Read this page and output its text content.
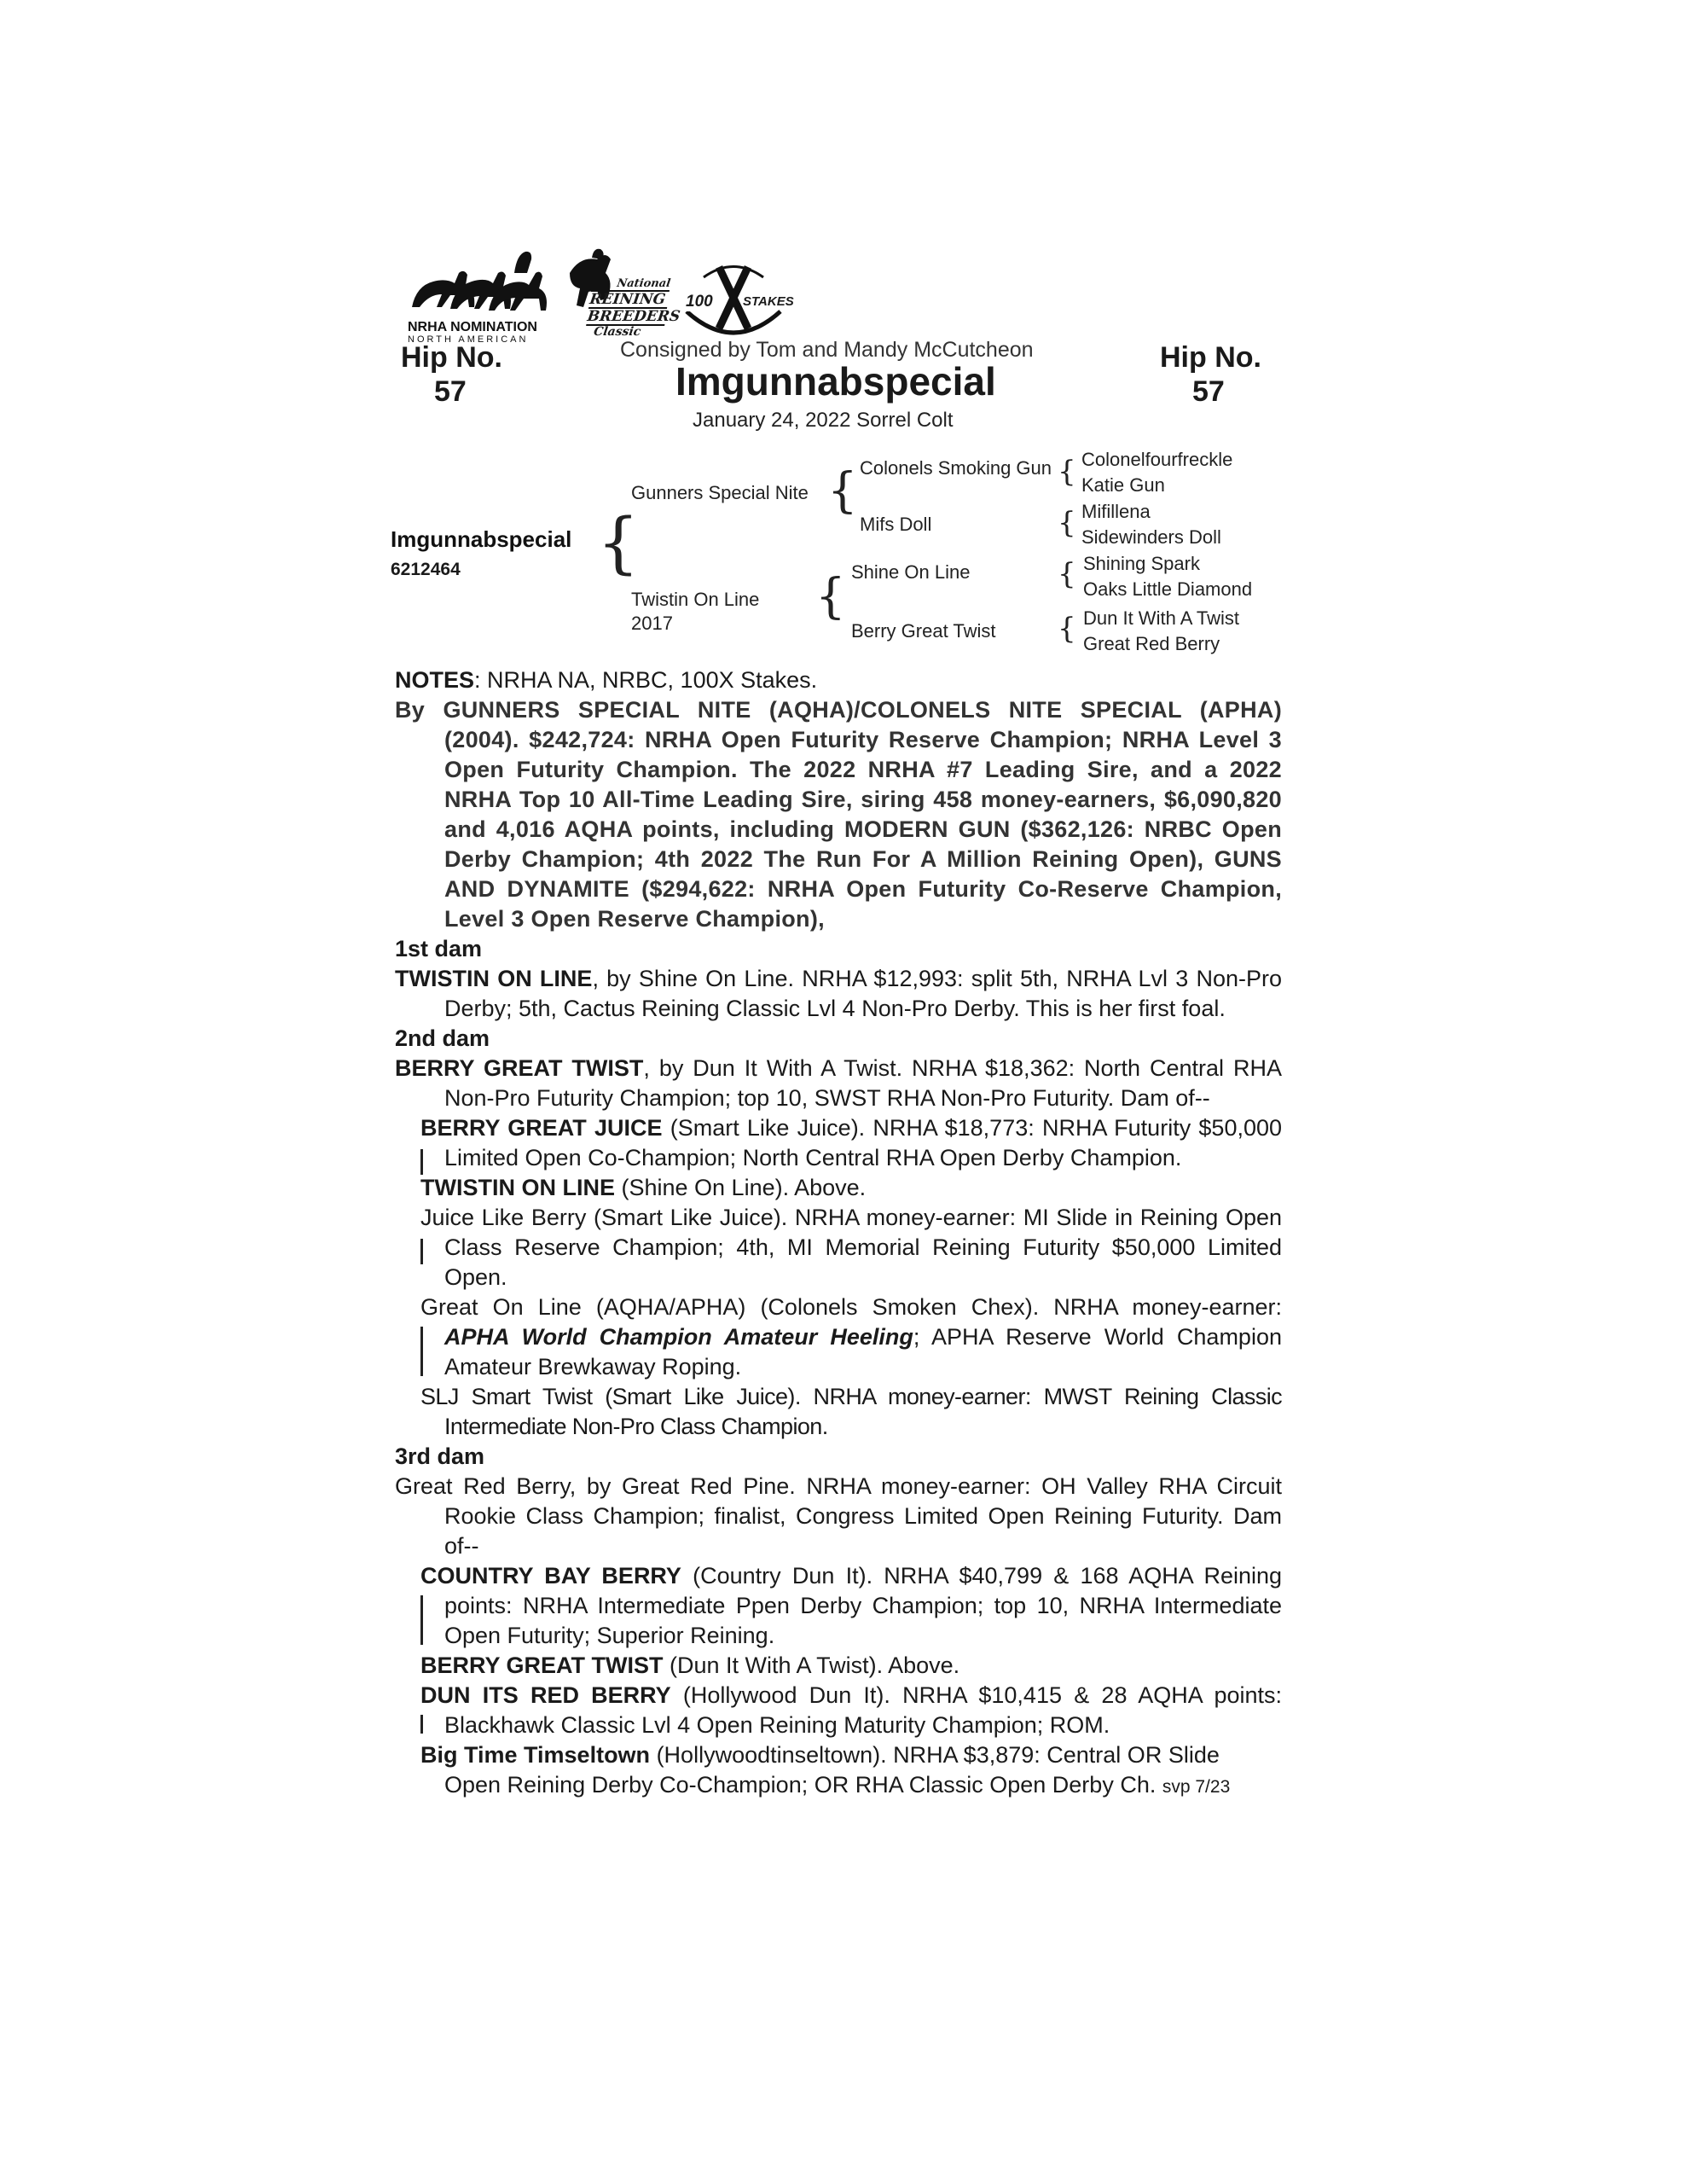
NRHA NOMINATION
NORTH AMERICAN
National
REINING
BREEDERS
Classic
100 STAKES
Hip No.
57
Hip No.
57
Consigned by Tom and Mandy McCutcheon
Imgunnabspecial
January 24, 2022 Sorrel Colt
Imgunnabspecial
6212464 {
Gunners Special Nite
Twistin On Line
2017
{
{
Colonels Smoking Gun
Mifs Doll
Shine On Line
Berry Great Twist
{
{
{
{
Colonelfourfreckle
Katie Gun
Mifillena
Sidewinders Doll
Shining Spark
Oaks Little Diamond
Dun It With A Twist
Great Red Berry

NOTES: NRHA NA, NRBC, 100X Stakes.

By GUNNERS SPECIAL NITE (AQHA)/COLONELS NITE SPECIAL (APHA) (2004). $242,724: NRHA Open Futurity Reserve Champion; NRHA Level 3 Open Futurity Champion. The 2022 NRHA #7 Leading Sire, and a 2022 NRHA Top 10 All-Time Leading Sire, siring 458 money-earners, $6,090,820 and 4,016 AQHA points, including MODERN GUN ($362,126: NRBC Open Derby Champion; 4th 2022 The Run For A Million Reining Open), GUNS AND DYNAMITE ($294,622: NRHA Open Futurity Co-Reserve Champion, Level 3 Open Reserve Champion),

1st dam

TWISTIN ON LINE, by Shine On Line. NRHA $12,993: split 5th, NRHA Lvl 3 Non-Pro Derby; 5th, Cactus Reining Classic Lvl 4 Non-Pro Derby. This is her first foal.

2nd dam

BERRY GREAT TWIST, by Dun It With A Twist. NRHA $18,362: North Central RHA Non-Pro Futurity Champion; top 10, SWST RHA Non-Pro Futurity. Dam of--

BERRY GREAT JUICE (Smart Like Juice). NRHA $18,773: NRHA Futurity $50,000 Limited Open Co-Champion; North Central RHA Open Derby Champion.

TWISTIN ON LINE (Shine On Line). Above.

Juice Like Berry (Smart Like Juice). NRHA money-earner: MI Slide in Reining Open Class Reserve Champion; 4th, MI Memorial Reining Futurity $50,000 Limited Open.

Great On Line (AQHA/APHA) (Colonels Smoken Chex). NRHA money-earner: APHA World Champion Amateur Heeling; APHA Reserve World Champion Amateur Brewkaway Roping.

SLJ Smart Twist (Smart Like Juice). NRHA money-earner: MWST Reining Classic Intermediate Non-Pro Class Champion.

3rd dam

Great Red Berry, by Great Red Pine. NRHA money-earner: OH Valley RHA Circuit Rookie Class Champion; finalist, Congress Limited Open Reining Futurity. Dam of--

COUNTRY BAY BERRY (Country Dun It). NRHA $40,799 & 168 AQHA Reining points: NRHA Intermediate Ppen Derby Champion; top 10, NRHA Intermediate Open Futurity; Superior Reining.

BERRY GREAT TWIST (Dun It With A Twist). Above.

DUN ITS RED BERRY (Hollywood Dun It). NRHA $10,415 & 28 AQHA points: Blackhawk Classic Lvl 4 Open Reining Maturity Champion; ROM.

Big Time Timseltown (Hollywoodtinseltown). NRHA $3,879: Central OR Slide Open Reining Derby Co-Champion; OR RHA Classic Open Derby Ch. svp 7/23
